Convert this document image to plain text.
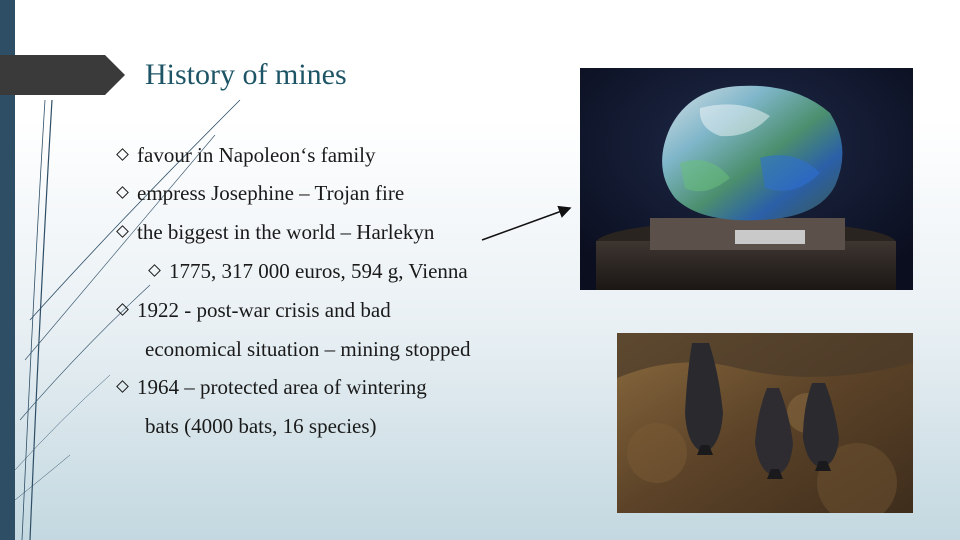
History of mines
favour in Napoleon‘s family
empress Josephine – Trojan fire
the biggest in the world – Harlekyn
1775, 317 000 euros, 594 g, Vienna
1922 - post-war crisis and bad
economical situation – mining stopped
1964 – protected area of wintering
bats (4000 bats, 16 species)
